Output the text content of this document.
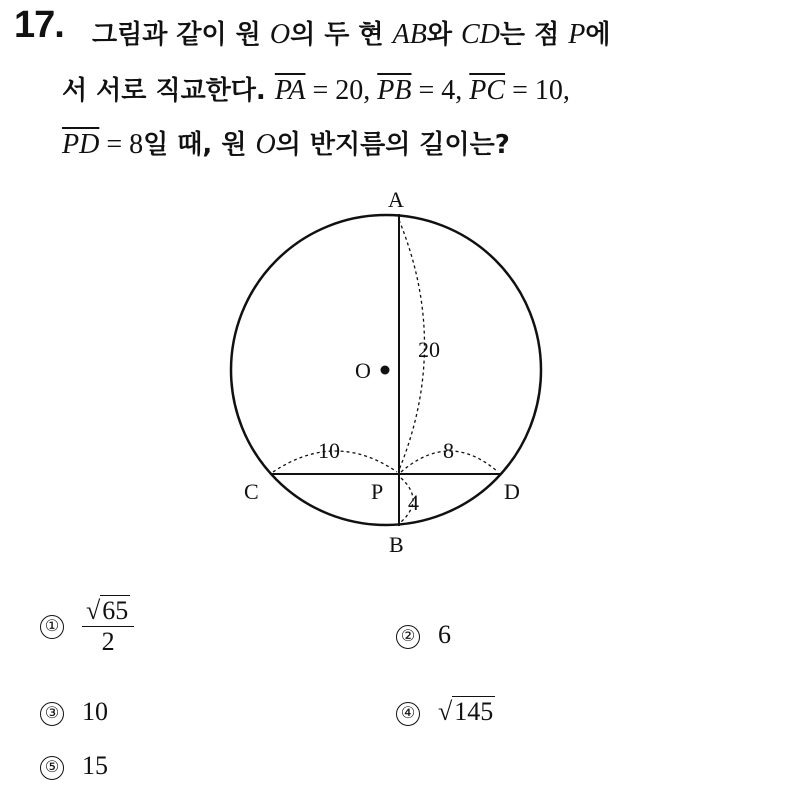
17. 그림과 같이 원 O의 두 현 AB와 CD는 점 P에
서 서로 직교한다. $\overline{PA} = 20$, $\overline{PB} = 4$, $\overline{PC} = 10$,
$\overline{PD} = 8$일 때, 원 O의 반지름의 길이는?
A
B
C	D
P
O
20
10	8
4
① $\frac{√65}{2}$	② 6
③ 10	④ √145
⑤ 15
